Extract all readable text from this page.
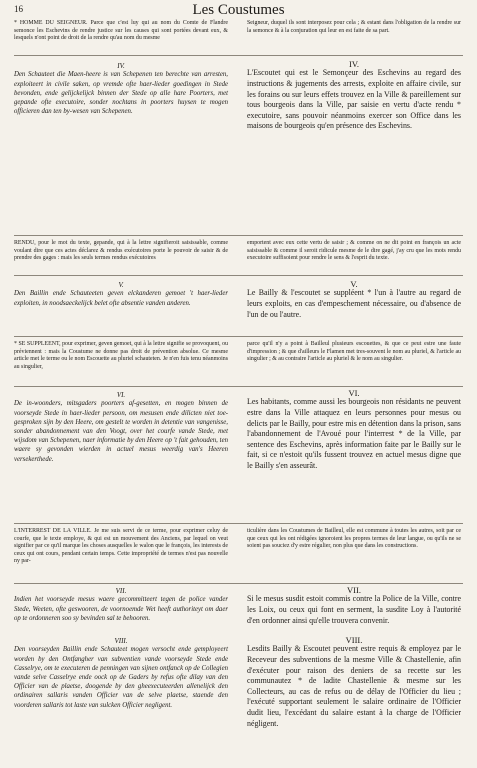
16	Les Coustumes
* HOMME DU SEIGNEUR. Parce que c'est luy qui au nom du Comte de Flandre semonce les Eschevins de rendre justice sur les causes qui sont portées devant eux, & lesquels n'ont point de droit de la rendre qu'au nom du mesme
Seigneur, duquel ils sont interposez pour cela ; & estant dans l'obligation de la rendre sur la semonce & à la conjuration qui leur en est faite de sa part.

IV.

Den Schauteet die Maen-heere is van Schepenen ten berechte van arresten, exploiteert in civile saken, op vremde ofte haer-lieder goedingen in Stede bevonden, ende gelijckelijck binnen der Stede op alle hare Poorters, met gepande ofte executoire, sonder nochtans in poorters huysen te mogen officieren dan ten by-wesen van Schepenen.

IV.

L'Escoutet qui est le Semonçeur des Eschevins au regard des instructions & jugements des arrests, exploite en affaire civile, sur les forains ou sur leurs effets trouvez en la Ville & pareillement sur tous bourgeois dans la Ville, par saisie en vertu d'acte rendu * executoire, sans pouvoir néanmoins exercer son Office dans les maisons de bourgeois qu'en présence des Eschevins.

RENDU, pour le mot du texte, gepande, qui à la lettre signifieroit saisissable, comme voulant dire que ces actes déclarez & rendus exécutoires porte le pouvoir de saisir & de prendre des gages : mais les seuls termes rendus exécutoires
emportent avec eux cette vertu de saisir ; & comme on ne dit point en françois un acte saisissable & comme il seroit ridicule mesme de le dire gagé, j'ay cru que les mots rendu executoire suffisoient pour rendre le sens & l'esprit du texte.

V.

Den Baillin ende Schauteeten geven elckanderen gemoet 't haer-lieder exploiten, in noodsaeckelijck belet ofte absentie vanden anderen.

V.

Le Bailly & l'escoutet se suppléent * l'un à l'autre au regard de leurs exploits, en cas d'empeschement nécessaire, ou d'absence de l'un de ou l'autre.

* SE SUPPLEENT, pour exprimer, geven gemoet, qui à la lettre signifie se provoquent, ou préviennent : mais la Coustume ne donne pas droit de prévention absolue. Ce mesme article met le terme ou le nom Escouette au pluriel schauteten. Je n'en fuis tenu néanmoins au singulier,
parce qu'il n'y a point à Bailleul plusieurs escouettes, & que ce peut estre une faute d'impression ; & que d'ailleurs le Flamen met tres-souvent le nom au pluriel, & l'article au singulier ; & au contraire l'article au pluriel & le nom au singulier.

VI.

De in-woonders, mitsgaders poorters af-gesetten, en mogen binnen de voorseyde Stede in haer-lieder persoon, om mesusen ende dilicten niet toe-gesproken sijn by den Heere, om gestelt te worden in detentie van vangenisse, sonder abandonnement van den Voogt, over het courfe vande Stede, met wijsdom van Schepenen, naer informatie by den Heere op 't fait gehouden, ten waere sy gevonden wierden in actuel mesus weerdig van's Heeren versekerthede.

VI.

Les habitants, comme aussi les bourgeois non résidants ne peuvent estre dans la Ville attaquez en leurs personnes pour mesus ou delicts par le Bailly, pour estre mis en détention dans la prison, sans l'abandonnement de l'Avoué pour l'interrest * de la Ville, par sentence des Eschevins, après information faite par le Bailly sur le fait, si ce n'estoit qu'ils fussent trouvez en actuel mesus digne que le Bailly s'en asseurât.

L'INTERREST DE LA VILLE. Je me suis servi de ce terme, pour exprimer celuy de courfe, que le texte employe, & qui est un mouvement des Anciens, par lequel on veut signifier par ce qu'il marque les choses ausquelles le walon que le françois, les interests de ceux qui ont cours, pendant certain temps. Cette impropriété de termes n'est pas nouvelle ny par-
ticulière dans les Coustumes de Bailleul, elle est commune à toutes les autres, soit par ce que ceux qui les ont rédigées ignoroient les propres termes de leur langue, ou qu'ils ne se soient pas souciez d'y estre régulier, non plus que dans les constructions.

VII.

Indien het voorseyde mesus waere gecommitteert tegen de police vander Stede, Weeten, ofte geswooren, de voornoemde Wet heeft authoriteyt om daer op te ordonneren soo sy bevinden sal te behooren.

VII.

Si le mesus susdit estoit commis contre la Police de la Ville, contre les Loix, ou ceux qui font en serment, la susdite Loy à l'autorité d'en ordonner ainsi qu'elle trouvera convenir.

VIII.

Den voorseyden Baillin ende Schauteet mogen versocht ende gemployeert worden by den Ontfangher van subventien vande voorseyde Stede ende Casselrye, om te executeren de penningen van sijnen ontfanck op de Collegien vande selve Casselrye ende oock op de Gaders by refus ofte dilay van den Officier van de plaetse, doogende by den gheexecuteerden allenelijck den ordinairen sallaris vanden Officier van de selve plaetse, staende den voorderen sallaris tot laste van sulcken Officier negligent.

VIII.

Lesdits Bailly & Escoutet peuvent estre requis & employez par le Receveur des subventions de la mesme Ville & Chastellenie, afin d'exécuter pour raison des deniers de sa recette sur les communautez * de ladite Chastellenie & mesme sur les Collecteurs, au cas de refus ou de délay de l'Officier du lieu ; l'exécuté supportant seulement le salaire ordinaire de l'Officier dudit lieu, l'excédant du salaire estant à la charge de l'Officier négligent.
